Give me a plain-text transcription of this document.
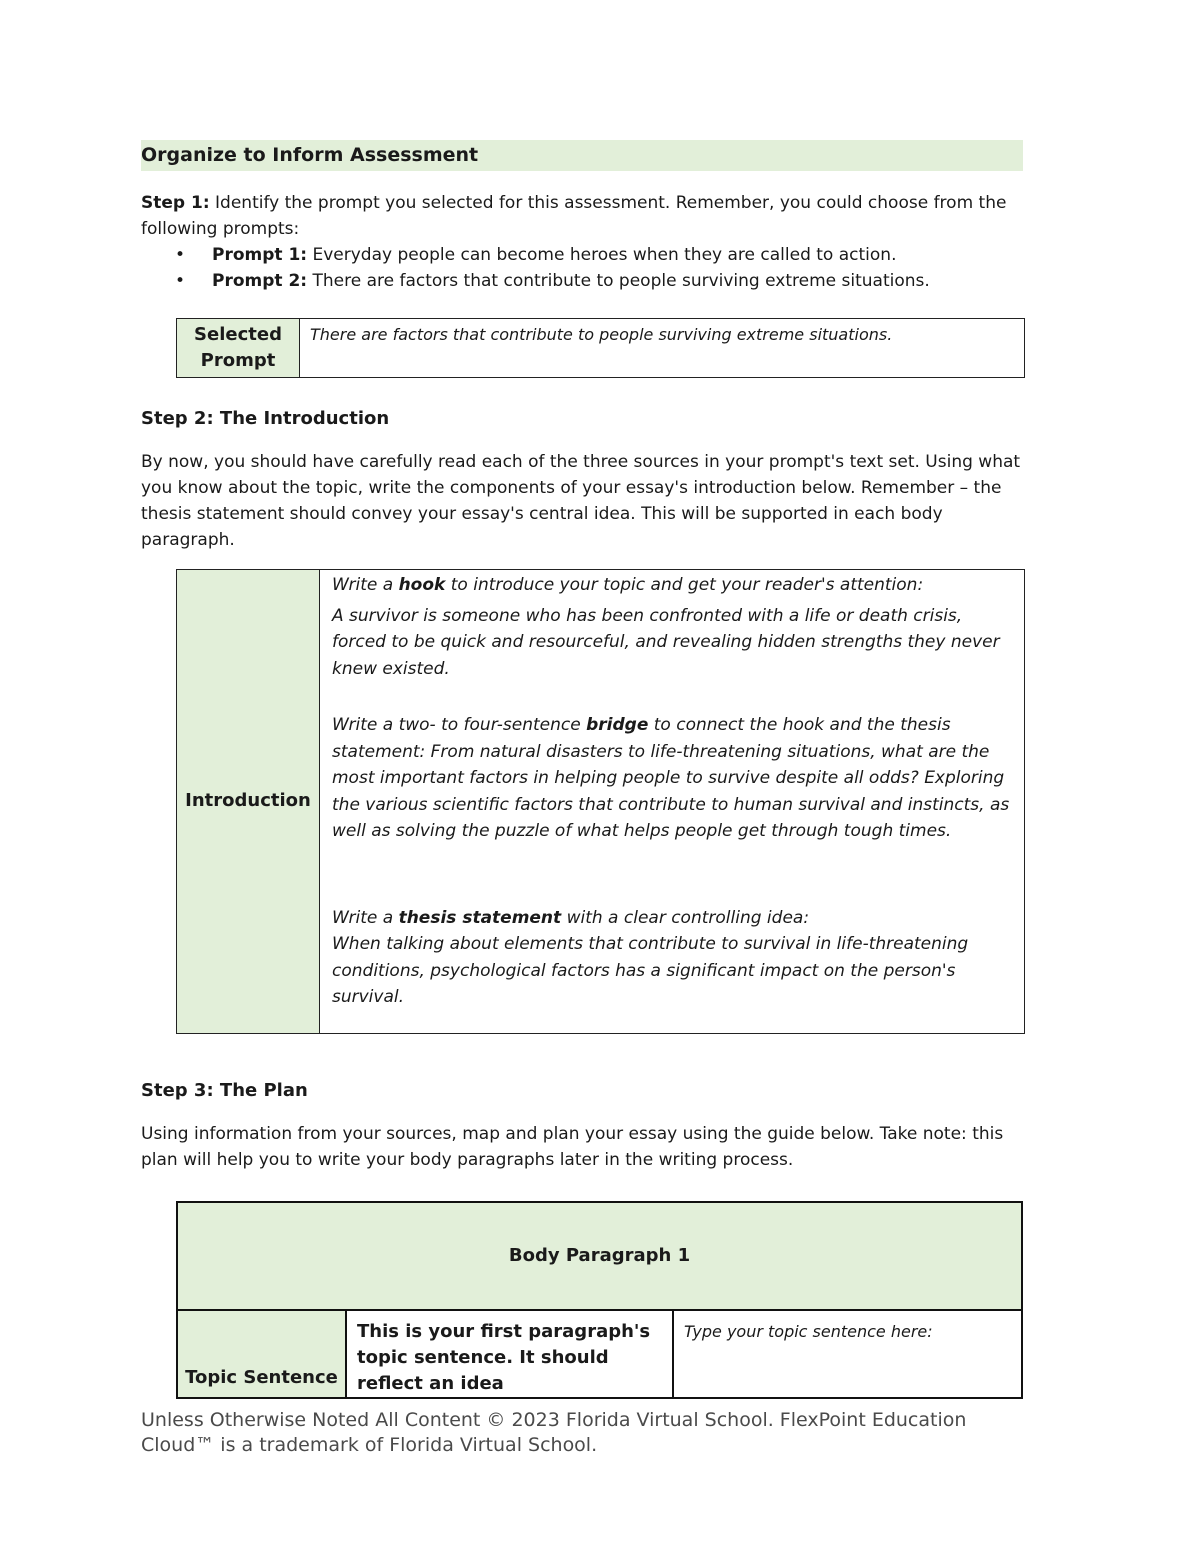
Organize to Inform Assessment

Step 1: Identify the prompt you selected for this assessment. Remember, you could choose from the following prompts:

• Prompt 1: Everyday people can become heroes when they are called to action.
• Prompt 2: There are factors that contribute to people surviving extreme situations.
Selected
Prompt
	There are factors that contribute to people surviving extreme situations.

Step 2: The Introduction

By now, you should have carefully read each of the three sources in your prompt's text set. Using what you know about the topic, write the components of your essay's introduction below. Remember – the thesis statement should convey your essay's central idea. This will be supported in each body paragraph.

Introduction	
Write a hook to introduce your topic and get your reader's attention:
A survivor is someone who has been confronted with a life or death crisis, forced to be quick and resourceful, and revealing hidden strengths they never knew existed.
Write a two- to four-sentence bridge to connect the hook and the thesis statement: From natural disasters to life-threatening situations, what are the most important factors in helping people to survive despite all odds? Exploring the various scientific factors that contribute to human survival and instincts, as well as solving the puzzle of what helps people get through tough times.
Write a thesis statement with a clear controlling idea:
When talking about elements that contribute to survival in life-threatening conditions, psychological factors has a significant impact on the person's survival.

Step 3: The Plan

Using information from your sources, map and plan your essay using the guide below. Take note: this plan will help you to write your body paragraphs later in the writing process.

Body Paragraph 1
Topic Sentence	This is your first paragraph's topic sentence. It should reflect an idea	Type your topic sentence here:
Unless Otherwise Noted All Content © 2023 Florida Virtual School. FlexPoint Education Cloud™ is a trademark of Florida Virtual School.
